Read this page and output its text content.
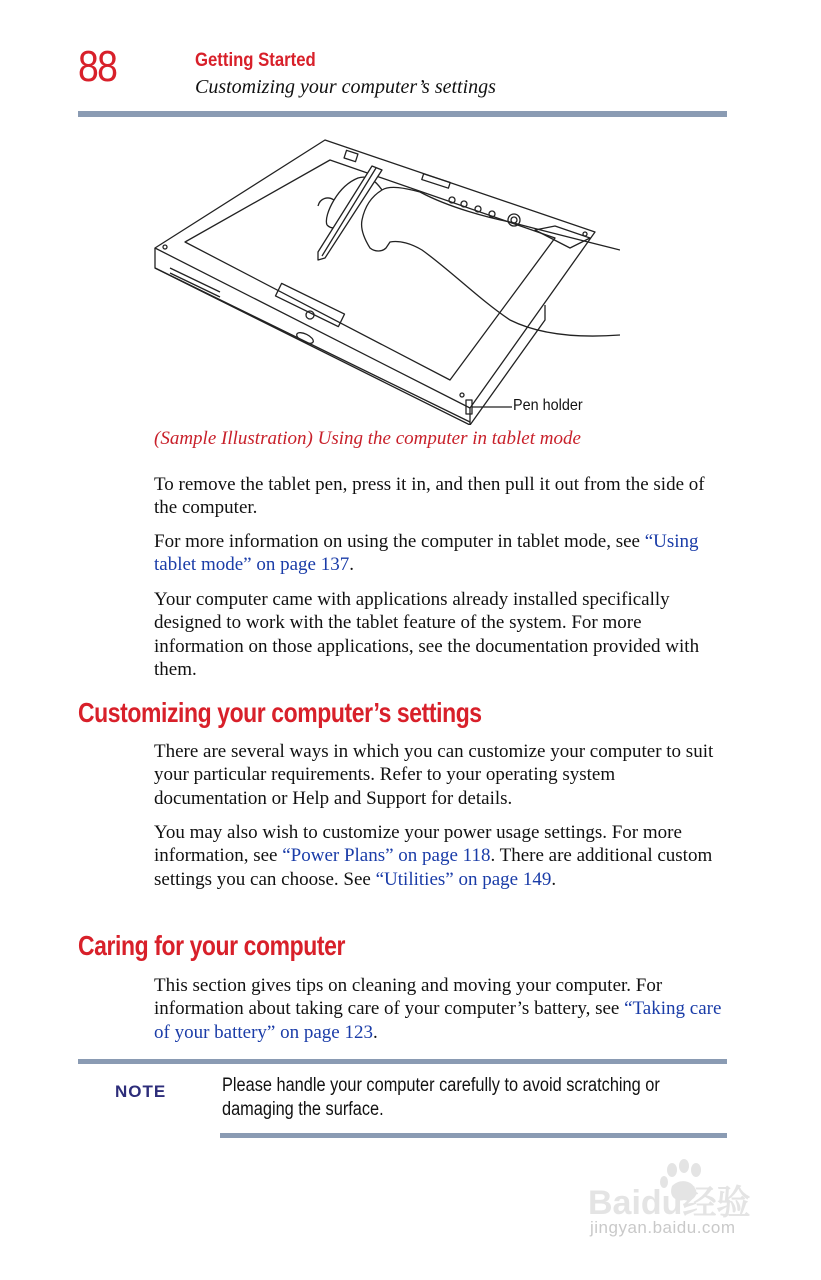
88	Getting Started
Customizing your computer’s settings
Pen holder
(Sample Illustration) Using the computer in tablet mode
To remove the tablet pen, press it in, and then pull it out from the side of the computer.
For more information on using the computer in tablet mode, see “Using tablet mode” on page 137.
Your computer came with applications already installed specifically designed to work with the tablet feature of the system. For more information on those applications, see the documentation provided with them.
Customizing your computer’s settings
There are several ways in which you can customize your computer to suit your particular requirements. Refer to your operating system documentation or Help and Support for details.
You may also wish to customize your power usage settings. For more information, see “Power Plans” on page 118. There are additional custom settings you can choose. See “Utilities” on page 149.
Caring for your computer
This section gives tips on cleaning and moving your computer. For information about taking care of your computer’s battery, see “Taking care of your battery” on page 123.
NOTE	Please handle your computer carefully to avoid scratching or damaging the surface.
Baidu经验
jingyan.baidu.com
